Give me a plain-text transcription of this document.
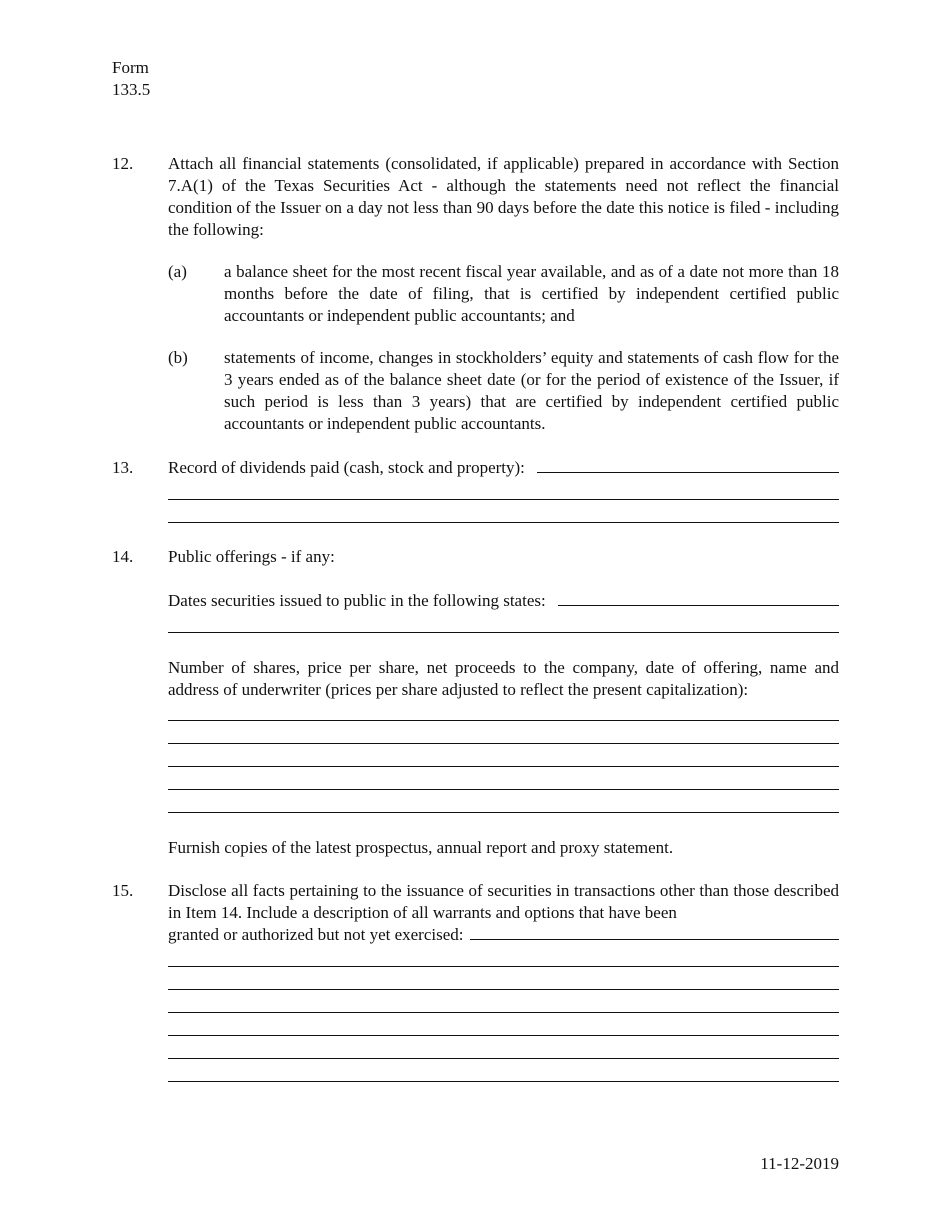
Form
133.5
12. Attach all financial statements (consolidated, if applicable) prepared in accordance with Section 7.A(1) of the Texas Securities Act - although the statements need not reflect the financial condition of the Issuer on a day not less than 90 days before the date this notice is filed - including the following:
(a) a balance sheet for the most recent fiscal year available, and as of a date not more than 18 months before the date of filing, that is certified by independent certified public accountants or independent public accountants; and
(b) statements of income, changes in stockholders’ equity and statements of cash flow for the 3 years ended as of the balance sheet date (or for the period of existence of the Issuer, if such period is less than 3 years) that are certified by independent certified public accountants or independent public accountants.
13. Record of dividends paid (cash, stock and property):
14. Public offerings - if any:
Dates securities issued to public in the following states:
Number of shares, price per share, net proceeds to the company, date of offering, name and address of underwriter (prices per share adjusted to reflect the present capitalization):
Furnish copies of the latest prospectus, annual report and proxy statement.
15. Disclose all facts pertaining to the issuance of securities in transactions other than those described in Item 14. Include a description of all warrants and options that have been
granted or authorized but not yet exercised:
11-12-2019
